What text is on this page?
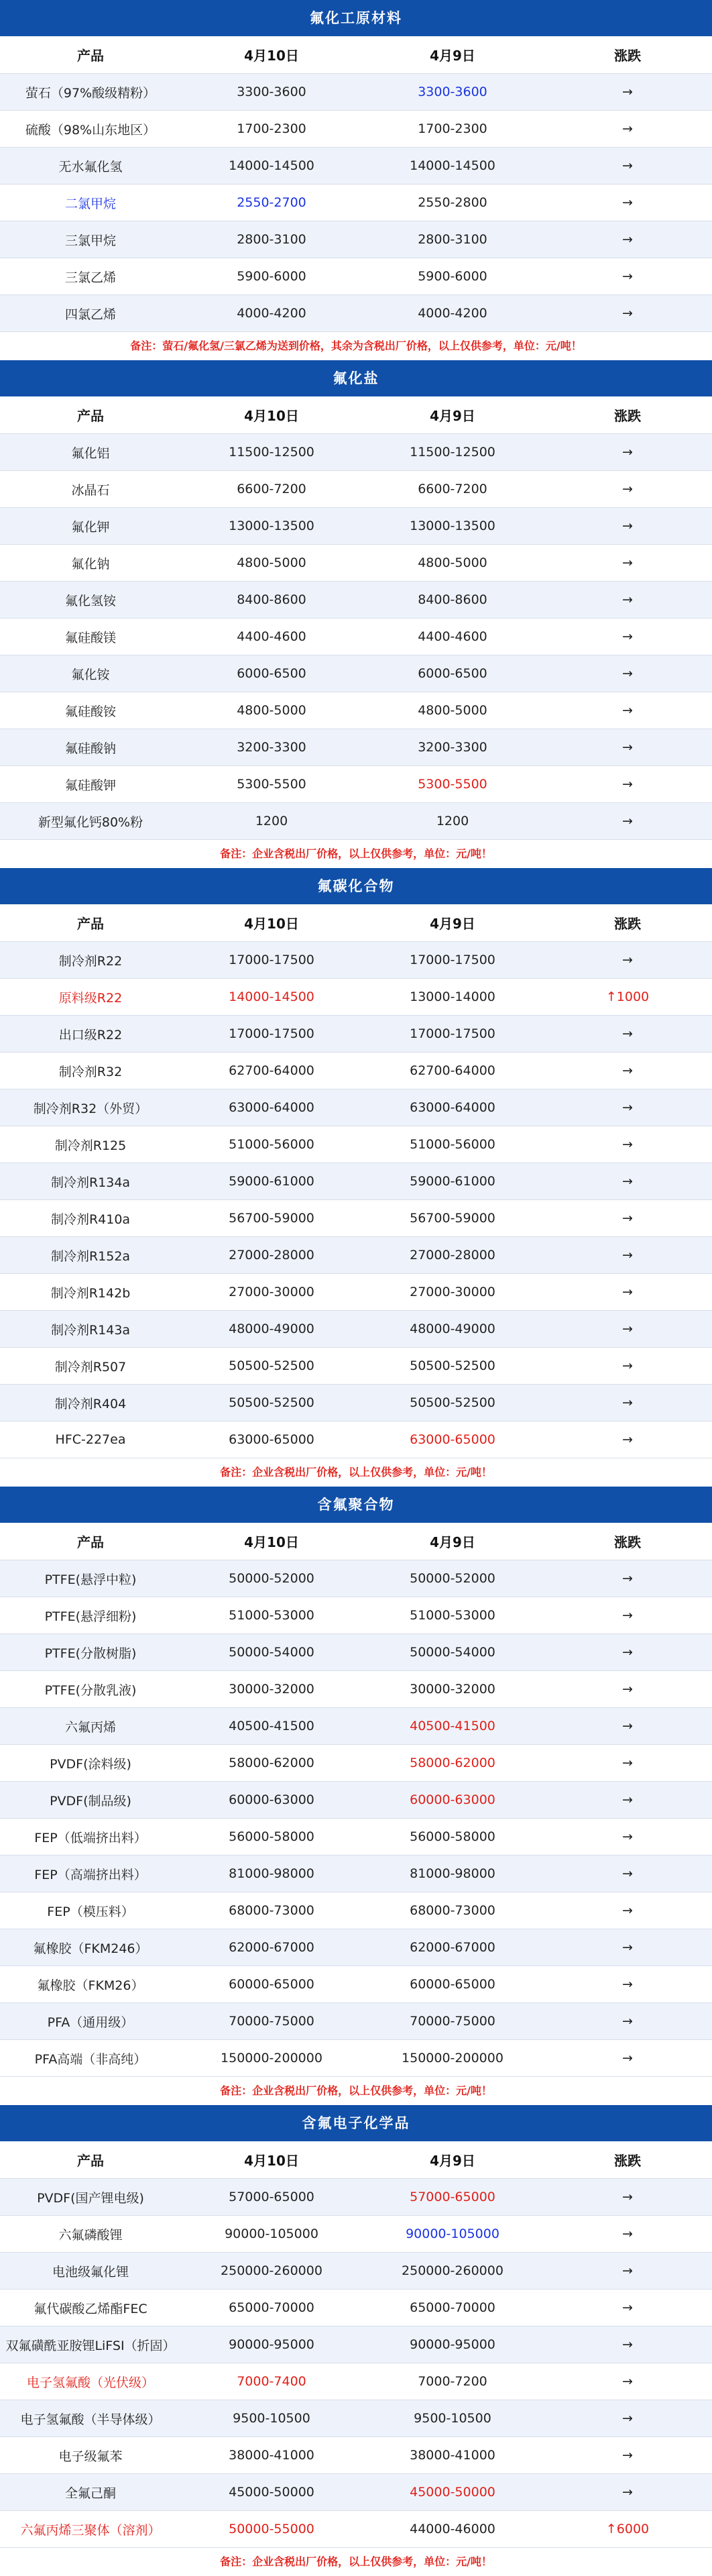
氟化工原材料
产品	4月10日	4月9日	涨跌
萤石（97%酸级精粉）	3300-3600	3300-3600	→
硫酸（98%山东地区）	1700-2300	1700-2300	→
无水氟化氢	14000-14500	14000-14500	→
二氯甲烷	2550-2700	2550-2800	→
三氯甲烷	2800-3100	2800-3100	→
三氯乙烯	5900-6000	5900-6000	→
四氯乙烯	4000-4200	4000-4200	→
备注：萤石/氟化氢/三氯乙烯为送到价格，其余为含税出厂价格，以上仅供参考，单位：元/吨！
氟化盐
产品	4月10日	4月9日	涨跌
氟化铝	11500-12500	11500-12500	→
冰晶石	6600-7200	6600-7200	→
氟化钾	13000-13500	13000-13500	→
氟化钠	4800-5000	4800-5000	→
氟化氢铵	8400-8600	8400-8600	→
氟硅酸镁	4400-4600	4400-4600	→
氟化铵	6000-6500	6000-6500	→
氟硅酸铵	4800-5000	4800-5000	→
氟硅酸钠	3200-3300	3200-3300	→
氟硅酸钾	5300-5500	5300-5500	→
新型氟化钙80%粉	1200	1200	→
备注：企业含税出厂价格，以上仅供参考，单位：元/吨！
氟碳化合物
产品	4月10日	4月9日	涨跌
制冷剂R22	17000-17500	17000-17500	→
原料级R22	14000-14500	13000-14000	↑1000
出口级R22	17000-17500	17000-17500	→
制冷剂R32	62700-64000	62700-64000	→
制冷剂R32（外贸）	63000-64000	63000-64000	→
制冷剂R125	51000-56000	51000-56000	→
制冷剂R134a	59000-61000	59000-61000	→
制冷剂R410a	56700-59000	56700-59000	→
制冷剂R152a	27000-28000	27000-28000	→
制冷剂R142b	27000-30000	27000-30000	→
制冷剂R143a	48000-49000	48000-49000	→
制冷剂R507	50500-52500	50500-52500	→
制冷剂R404	50500-52500	50500-52500	→
HFC-227ea	63000-65000	63000-65000	→
备注：企业含税出厂价格，以上仅供参考，单位：元/吨！
含氟聚合物
产品	4月10日	4月9日	涨跌
PTFE(悬浮中粒)	50000-52000	50000-52000	→
PTFE(悬浮细粉)	51000-53000	51000-53000	→
PTFE(分散树脂)	50000-54000	50000-54000	→
PTFE(分散乳液)	30000-32000	30000-32000	→
六氟丙烯	40500-41500	40500-41500	→
PVDF(涂料级)	58000-62000	58000-62000	→
PVDF(制品级)	60000-63000	60000-63000	→
FEP（低端挤出料）	56000-58000	56000-58000	→
FEP（高端挤出料）	81000-98000	81000-98000	→
FEP（模压料）	68000-73000	68000-73000	→
氟橡胶（FKM246）	62000-67000	62000-67000	→
氟橡胶（FKM26）	60000-65000	60000-65000	→
PFA（通用级）	70000-75000	70000-75000	→
PFA高端（非高纯）	150000-200000	150000-200000	→
备注：企业含税出厂价格，以上仅供参考，单位：元/吨！
含氟电子化学品
产品	4月10日	4月9日	涨跌
PVDF(国产锂电级)	57000-65000	57000-65000	→
六氟磷酸锂	90000-105000	90000-105000	→
电池级氟化锂	250000-260000	250000-260000	→
氟代碳酸乙烯酯FEC	65000-70000	65000-70000	→
双氟磺酰亚胺锂LiFSI（折固）	90000-95000	90000-95000	→
电子氢氟酸（光伏级）	7000-7400	7000-7200	→
电子氢氟酸（半导体级）	9500-10500	9500-10500	→
电子级氟苯	38000-41000	38000-41000	→
全氟己酮	45000-50000	45000-50000	→
六氟丙烯三聚体（溶剂）	50000-55000	44000-46000	↑6000
备注：企业含税出厂价格，以上仅供参考，单位：元/吨！
